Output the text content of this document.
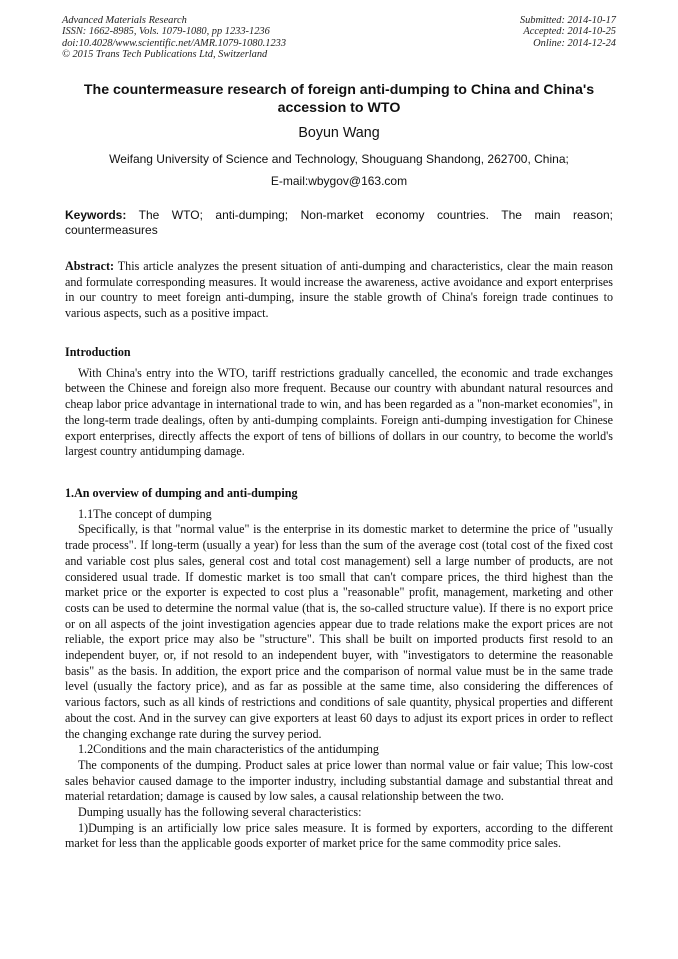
Advanced Materials Research
ISSN: 1662-8985, Vols. 1079-1080, pp 1233-1236
doi:10.4028/www.scientific.net/AMR.1079-1080.1233
© 2015 Trans Tech Publications Ltd, Switzerland
Submitted: 2014-10-17
Accepted: 2014-10-25
Online: 2014-12-24
The countermeasure research of foreign anti-dumping to China and China's accession to WTO
Boyun Wang
Weifang University of Science and Technology, Shouguang Shandong, 262700, China;
E-mail:wbygov@163.com
Keywords: The WTO; anti-dumping; Non-market economy countries. The main reason; countermeasures

Abstract: This article analyzes the present situation of anti-dumping and characteristics, clear the main reason and formulate corresponding measures. It would increase the awareness, active avoidance and export enterprises in our country to meet foreign anti-dumping, insure the stable growth of China's foreign trade continues to various aspects, such as a positive impact.

Introduction

With China's entry into the WTO, tariff restrictions gradually cancelled, the economic and trade exchanges between the Chinese and foreign also more frequent. Because our country with abundant natural resources and cheap labor price advantage in international trade to win, and has been regarded as a "non-market economies", in the long-term trade dealings, often by anti-dumping complaints. Foreign anti-dumping investigation for Chinese export enterprises, directly affects the export of tens of billions of dollars in our country, to become the world's largest country antidumping damage.

1.An overview of dumping and anti-dumping

1.1The concept of dumping

Specifically, is that "normal value" is the enterprise in its domestic market to determine the price of "usually trade process". If long-term (usually a year) for less than the sum of the average cost (total cost of the fixed cost and variable cost plus sales, general cost and total cost management) sell a large number of products, are not considered usual trade. If domestic market is too small that can't compare prices, the third highest than the market price or the exporter is expected to cost plus a "reasonable" profit, management, marketing and other costs can be used to determine the normal value (that is, the so-called structure value). If there is no export price or on all aspects of the joint investigation agencies appear due to trade relations make the export prices are not reliable, the export price may also be "structure". This shall be built on imported products first resold to an independent buyer, or, if not resold to an independent buyer, with "investigators to determine the reasonable basis" as the basis. In addition, the export price and the comparison of normal value must be in the same trade level (usually the factory price), and as far as possible at the same time, also considering the differences of various factors, such as all kinds of restrictions and conditions of sale quantity, physical properties and different about the cost. And in the survey can give exporters at least 60 days to adjust its export prices in order to reflect the changing exchange rate during the survey period.

1.2Conditions and the main characteristics of the antidumping

The components of the dumping. Product sales at price lower than normal value or fair value; This low-cost sales behavior caused damage to the importer industry, including substantial damage and substantial threat and material retardation; damage is caused by low sales, a causal relationship between the two.

Dumping usually has the following several characteristics:

1)Dumping is an artificially low price sales measure. It is formed by exporters, according to the different market for less than the applicable goods exporter of market price for the same commodity price sales.
